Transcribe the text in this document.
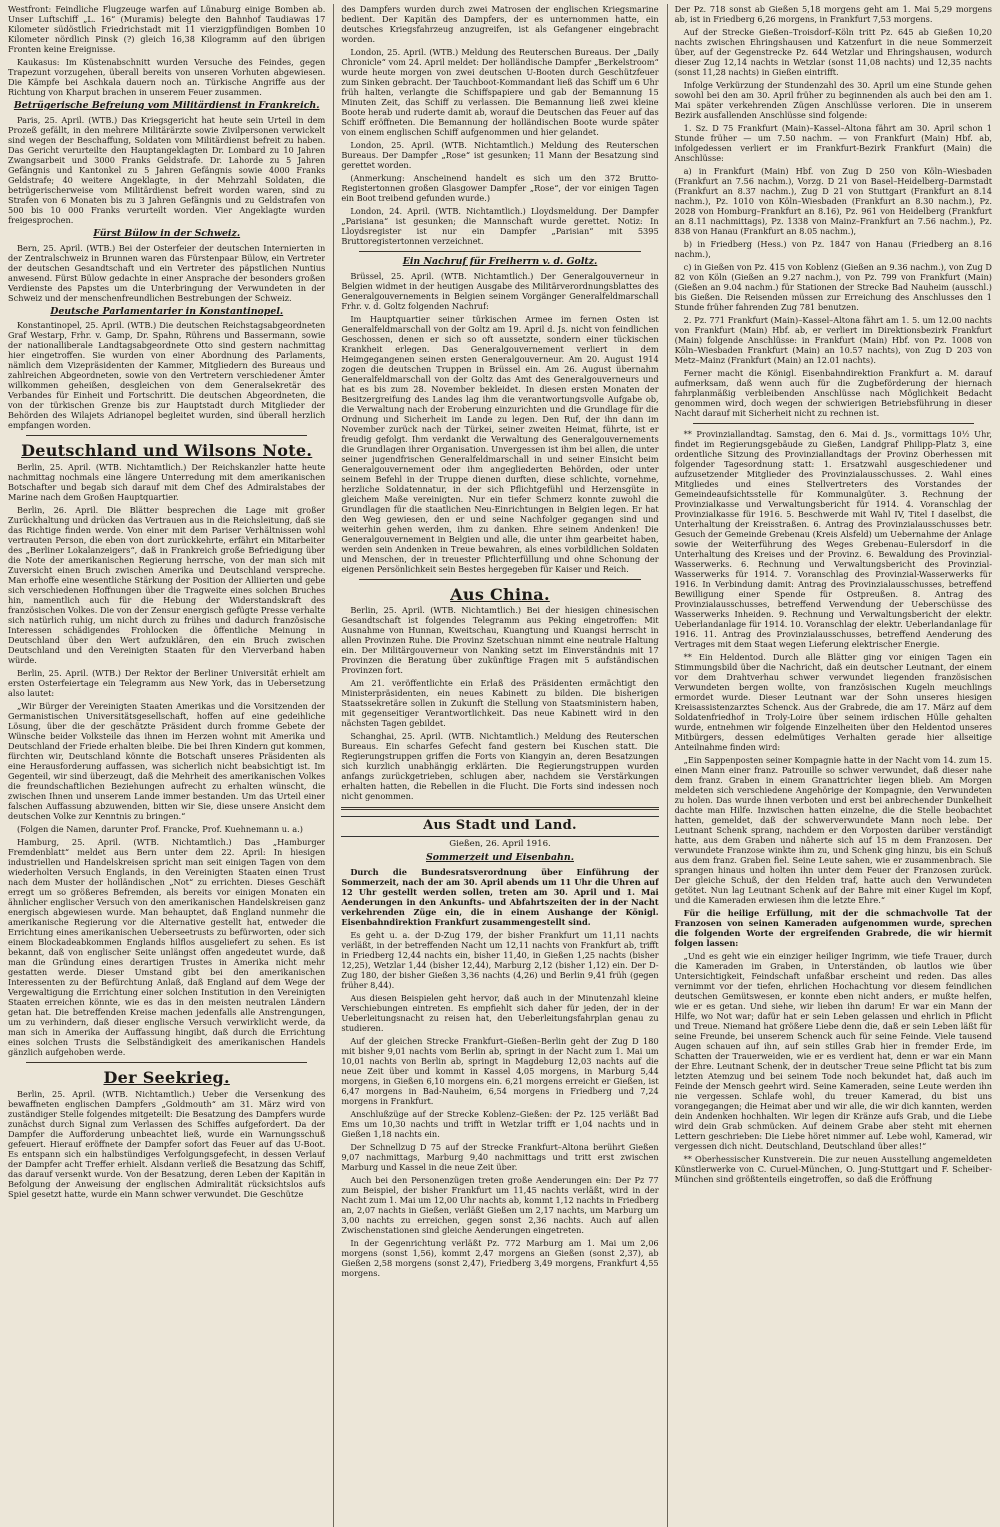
Westfront: Feindliche Flugzeuge warfen auf Lünaburg einige Bomben ab. Unser Luftschiff „L. 16“ (Muramis) belegte den Bahnhof Taudiawas 17 Kilometer südöstlich Friedrichstadt mit 11 vierzigpfündigen Bomben 10 Kilometer nördlich Pinsk (?) gleich 16,38 Kilogramm auf den übrigen Fronten keine Ereignisse.

Kaukasus: Im Küstenabschnitt wurden Versuche des Feindes, gegen Trapezunt vorzugehen, überall bereits von unseren Vorhuten abgewiesen. Die Kämpfe bei Aschkala dauern noch an. Türkische Angriffe aus der Richtung von Kharput brachen in unserem Feuer zusammen.

Betrügerische Befreiung vom Militärdienst in Frankreich.

Paris, 25. April. (WTB.) Das Kriegsgericht hat heute sein Urteil in dem Prozeß gefällt, in den mehrere Militärärzte sowie Zivilpersonen verwickelt sind wegen der Beschaffung, Soldaten vom Militärdienst befreit zu haben. Das Gericht verurteilte den Hauptangeklagten Dr. Lombard zu 10 Jahren Zwangsarbeit und 3000 Franks Geldstrafe. Dr. Lahorde zu 5 Jahren Gefängnis und Kantonkel zu 5 Jahren Gefängnis sowie 4000 Franks Geldstrafe; 40 weitere Angeklagte, in der Mehrzahl Soldaten, die betrügerischerweise vom Militärdienst befreit worden waren, sind zu Strafen von 6 Monaten bis zu 3 Jahren Gefängnis und zu Geldstrafen von 500 bis 10 000 Franks verurteilt worden. Vier Angeklagte wurden freigesprochen.

Fürst Bülow in der Schweiz.

Bern, 25. April. (WTB.) Bei der Osterfeier der deutschen Internierten in der Zentralschweiz in Brunnen waren das Fürstenpaar Bülow, ein Vertreter der deutschen Gesandtschaft und ein Vertreter des päpstlichen Nuntius anwesend. Fürst Bülow gedachte in einer Ansprache der besonders großen Verdienste des Papstes um die Unterbringung der Verwundeten in der Schweiz und der menschenfreundlichen Bestrebungen der Schweiz.

Deutsche Parlamentarier in Konstantinopel.

Konstantinopel, 25. April. (WTB.) Die deutschen Reichstagsabgeordneten Graf Westarp, Frhr. v. Gamp, Dr. Spahn, Rührens und Bassermann, sowie der nationalliberale Landtagsabgeordnete Otto sind gestern nachmittag hier eingetroffen. Sie wurden von einer Abordnung des Parlaments, nämlich dem Vizepräsidenten der Kammer, Mitgliedern des Bureaus und zahlreichen Abgeordneten, sowie von den Vertretern verschiedener Ämter willkommen geheißen, desgleichen von dem Generalsekretär des Verbandes für Einheit und Fortschritt. Die deutschen Abgeordneten, die von der türkischen Grenze bis zur Hauptstadt durch Mitglieder der Behörden des Wilajets Adrianopel begleitet wurden, sind überall herzlich empfangen worden.

Deutschland und Wilsons Note.

Berlin, 25. April. (WTB. Nichtamtlich.) Der Reichskanzler hatte heute nachmittag nochmals eine längere Unterredung mit dem amerikanischen Botschafter und begab sich darauf mit dem Chef des Admiralstabes der Marine nach dem Großen Hauptquartier.

Berlin, 26. April. Die Blätter besprechen die Lage mit großer Zurückhaltung und drücken das Vertrauen aus in die Reichsleitung, daß sie das Richtige finden werde. Von einer mit dem Pariser Verhältnissen wohl vertrauten Person, die eben von dort zurückkehrte, erfährt ein Mitarbeiter des „Berliner Lokalanzeigers“, daß in Frankreich große Befriedigung über die Note der amerikanischen Regierung herrsche, von der man sich mit Zuversicht einen Bruch zwischen Amerika und Deutschland verspreche. Man erhoffe eine wesentliche Stärkung der Position der Alliierten und gebe sich verschiedenen Hoffnungen über die Tragweite eines solchen Bruches hin, namentlich auch für die Hebung der Widerstandskraft des französischen Volkes. Die von der Zensur energisch gefügte Presse verhalte sich natürlich ruhig, um nicht durch zu frühes und dadurch französische Interessen schädigendes Frohlocken die öffentliche Meinung in Deutschland über den Wert aufzuklären, den ein Bruch zwischen Deutschland und den Vereinigten Staaten für den Vierverband haben würde.

Berlin, 25. April. (WTB.) Der Rektor der Berliner Universität erhielt am ersten Osterfeiertage ein Telegramm aus New York, das in Uebersetzung also lautet:

„Wir Bürger der Vereinigten Staaten Amerikas und die Vorsitzenden der Germanistischen Universitätsgesellschaft, hoffen auf eine gedeihliche Lösung, über die der geschätzte Präsident durch fromme Gebete der Wünsche beider Volksteile das ihnen im Herzen wohnt mit Amerika und Deutschland der Friede erhalten bleibe. Die bei Ihren Kindern gut kommen, fürchten wir, Deutschland könnte die Botschaft unseres Präsidenten als eine Herausforderung auffassen, was sicherlich nicht beabsichtigt ist. Im Gegenteil, wir sind überzeugt, daß die Mehrheit des amerikanischen Volkes die freundschaftlichen Beziehungen aufrecht zu erhalten wünscht, die zwischen Ihnen und unserem Lande immer bestanden. Um das Urteil einer falschen Auffassung abzuwenden, bitten wir Sie, diese unsere Ansicht dem deutschen Volke zur Kenntnis zu bringen.“

(Folgen die Namen, darunter Prof. Francke, Prof. Kuehnemann u. a.)

Hamburg, 25. April. (WTB. Nichtamtlich.) Das „Hamburger Fremdenblatt“ meldet aus Bern unter dem 22. April: In hiesigen industriellen und Handelskreisen spricht man seit einigen Tagen von dem wiederholten Versuch Englands, in den Vereinigten Staaten einen Trust nach dem Muster der holländischen „Not“ zu errichten. Dieses Geschäft erregt um so größeres Befremden, als bereits vor einigen Monaten ein ähnlicher englischer Versuch von den amerikanischen Handelskreisen ganz energisch abgewiesen wurde. Man behauptet, daß England nunmehr die amerikanische Regierung vor die Alternative gestellt hat, entweder die Errichtung eines amerikanischen Ueberseetrusts zu befürworten, oder sich einem Blockadeabkommen Englands hilflos ausgeliefert zu sehen. Es ist bekannt, daß von englischer Seite unlängst offen angedeutet wurde, daß man die Gründung eines derartigen Trustes in Amerika nicht mehr gestatten werde. Dieser Umstand gibt bei den amerikanischen Interessenten zu der Befürchtung Anlaß, daß England auf dem Wege der Vergewaltigung die Errichtung einer solchen Institution in den Vereinigten Staaten erreichen könnte, wie es das in den meisten neutralen Ländern getan hat. Die betreffenden Kreise machen jedenfalls alle Anstrengungen, um zu verhindern, daß dieser englische Versuch verwirklicht werde, da man sich in Amerika der Auffassung hingibt, daß durch die Errichtung eines solchen Trusts die Selbständigkeit des amerikanischen Handels gänzlich aufgehoben werde.

Der Seekrieg.

Berlin, 25. April. (WTB. Nichtamtlich.) Ueber die Versenkung des bewaffneten englischen Dampfers „Goldmouth“ am 31. März wird von zuständiger Stelle folgendes mitgeteilt: Die Besatzung des Dampfers wurde zunächst durch Signal zum Verlassen des Schiffes aufgefordert. Da der Dampfer die Aufforderung unbeachtet ließ, wurde ein Warnungsschuß gefeuert. Hierauf eröffnete der Dampfer sofort das Feuer auf das U-Boot. Es entspann sich ein halbstündiges Verfolgungsgefecht, in dessen Verlauf der Dampfer acht Treffer erhielt. Alsdann verließ die Besatzung das Schiff, das darauf versenkt wurde. Von der Besatzung, deren Leben der Kapitän in Befolgung der Anweisung der englischen Admiralität rücksichtslos aufs Spiel gesetzt hatte, wurde ein Mann schwer verwundet. Die Geschütze

des Dampfers wurden durch zwei Matrosen der englischen Kriegsmarine bedient. Der Kapitän des Dampfers, der es unternommen hatte, ein deutsches Kriegsfahrzeug anzugreifen, ist als Gefangener eingebracht worden.

London, 25. April. (WTB.) Meldung des Reuterschen Bureaus. Der „Daily Chronicle“ vom 24. April meldet: Der holländische Dampfer „Berkelstroom“ wurde heute morgen von zwei deutschen U-Booten durch Geschützfeuer zum Sinken gebracht. Der Tauchboot-Kommandant ließ das Schiff um 6 Uhr früh halten, verlangte die Schiffspapiere und gab der Bemannung 15 Minuten Zeit, das Schiff zu verlassen. Die Bemannung ließ zwei kleine Boote herab und ruderte damit ab, worauf die Deutschen das Feuer auf das Schiff eröffneten. Die Bemannung der holländischen Boote wurde später von einem englischen Schiff aufgenommen und hier gelandet.

London, 25. April. (WTB. Nichtamtlich.) Meldung des Reuterschen Bureaus. Der Dampfer „Rose“ ist gesunken; 11 Mann der Besatzung sind gerettet worden.

(Anmerkung: Anscheinend handelt es sich um den 372 Brutto-Registertonnen großen Glasgower Dampfer „Rose“, der vor einigen Tagen ein Boot treibend gefunden wurde.)

London, 24. April. (WTB. Nichtamtlich.) Lloydsmeldung. Der Dampfer „Parisiana“ ist gesunken; die Mannschaft wurde gerettet. Notiz: In Lloydsregister ist nur ein Dampfer „Parisian“ mit 5395 Bruttoregistertonnen verzeichnet.

Ein Nachruf für Freiherrn v. d. Goltz.

Brüssel, 25. April. (WTB. Nichtamtlich.) Der Generalgouverneur in Belgien widmet in der heutigen Ausgabe des Militärverordnungsblattes des Generalgouvernements in Belgien seinem Vorgänger Generalfeldmarschall Frhr. v. d. Goltz folgenden Nachruf:

Im Hauptquartier seiner türkischen Armee im fernen Osten ist Generalfeldmarschall von der Goltz am 19. April d. Js. nicht von feindlichen Geschossen, denen er sich so oft aussetzte, sondern einer tückischen Krankheit erlegen. Das Generalgouvernement verliert in dem Heimgegangenen seinen ersten Generalgouverneur. Am 20. August 1914 zogen die deutschen Truppen in Brüssel ein. Am 26. August übernahm Generalfeldmarschall von der Goltz das Amt des Generalgouverneurs und hat es bis zum 28. November bekleidet. In diesen ersten Monaten der Besitzergreifung des Landes lag ihm die verantwortungsvolle Aufgabe ob, die Verwaltung nach der Eroberung einzurichten und die Grundlage für die Ordnung und Sicherheit im Lande zu legen. Den Ruf, der ihn dann im November zurück nach der Türkei, seiner zweiten Heimat, führte, ist er freudig gefolgt. Ihm verdankt die Verwaltung des Generalgouvernements die Grundlagen ihrer Organisation. Unvergessen ist ihm bei allen, die unter seiner jugendfrischen Generalfeldmarschall in und seiner Einsicht beim Generalgouvernement oder ihm angegliederten Behörden, oder unter seinem Befehl in der Truppe dienen durften, diese schlichte, vornehme, herzliche Soldatennatur, in der sich Pflichtgefühl und Herzensgüte in gleichem Maße vereinigten. Nur ein tiefer Schmerz konnte zuwohl die Grundlagen für die staatlichen Neu-Einrichtungen in Belgien legen. Er hat den Weg gewiesen, den er und seine Nachfolger gegangen sind und weiterhin gehen werden, ihm zu danken. Ehre seinem Andenken! Die Generalgouvernement in Belgien und alle, die unter ihm gearbeitet haben, werden sein Andenken in Treue bewahren, als eines vorbildlichen Soldaten und Menschen, der in treuester Pflichterfüllung und ohne Schonung der eigenen Persönlichkeit sein Bestes hergegeben für Kaiser und Reich.

Aus China.

Berlin, 25. April. (WTB. Nichtamtlich.) Bei der hiesigen chinesischen Gesandtschaft ist folgendes Telegramm aus Peking eingetroffen: Mit Ausnahme von Hunnan, Kweitschau, Kuangtung und Kuangsi herrscht in allen Provinzen Ruhe. Die Provinz Szetschuan nimmt eine neutrale Haltung ein. Der Militärgouverneur von Nanking setzt im Einverständnis mit 17 Provinzen die Beratung über zukünftige Fragen mit 5 aufständischen Provinzen fort.

Am 21. veröffentlichte ein Erlaß des Präsidenten ermächtigt den Ministerpräsidenten, ein neues Kabinett zu bilden. Die bisherigen Staatssekretäre sollen in Zukunft die Stellung von Staatsministern haben, mit gegenseitiger Verantwortlichkeit. Das neue Kabinett wird in den nächsten Tagen gebildet.

Schanghai, 25. April. (WTB. Nichtamtlich.) Meldung des Reuterschen Bureaus. Ein scharfes Gefecht fand gestern bei Kuschen statt. Die Regierungstruppen griffen die Forts von Kiangyin an, deren Besatzungen sich kurzlich unabhängig erklärten. Die Regierungstruppen wurden anfangs zurückgetrieben, schlugen aber, nachdem sie Verstärkungen erhalten hatten, die Rebellen in die Flucht. Die Forts sind indessen noch nicht genommen.

Aus Stadt und Land.
Gießen, 26. April 1916.
Sommerzeit und Eisenbahn.

Durch die Bundesratsverordnung über Einführung der Sommerzeit, nach der am 30. April abends um 11 Uhr die Uhren auf 12 Uhr gestellt werden sollen, treten am 30. April und 1. Mai Aenderungen in den Ankunfts- und Abfahrtszeiten der in der Nacht verkehrenden Züge ein, die in einem Aushange der Königl. Eisenbahndirektion Frankfurt zusammengestellt sind.

Es geht u. a. der D-Zug 179, der bisher Frankfurt um 11,11 nachts verläßt, in der betreffenden Nacht um 12,11 nachts von Frankfurt ab, trifft in Friedberg 12,44 nachts ein, bisher 11,40, in Gießen 1,25 nachts (bisher 12,25), Wetzlar 1,44 (bisher 12,44), Marburg 2,12 (bisher 1,12) ein. Der D-Zug 180, der bisher Gießen 3,36 nachts (4,26) und Berlin 9,41 früh (gegen früher 8,44).

Aus diesen Beispielen geht hervor, daß auch in der Minutenzahl kleine Verschiebungen eintreten. Es empfiehlt sich daher für jeden, der in der Ueberleitungsnacht zu reisen hat, den Ueberleitungsfahrplan genau zu studieren.

Auf der gleichen Strecke Frankfurt–Gießen–Berlin geht der Zug D 180 mit bisher 9,01 nachts vom Berlin ab, springt in der Nacht zum 1. Mai um 10,01 nachts von Berlin ab, springt in Magdeburg 12,03 nachts auf die neue Zeit über und kommt in Kassel 4,05 morgens, in Marburg 5,44 morgens, in Gießen 6,10 morgens ein. 6,21 morgens erreicht er Gießen, ist 6,47 morgens in Bad-Nauheim, 6,54 morgens in Friedberg und 7,24 morgens in Frankfurt.

Anschlußzüge auf der Strecke Koblenz–Gießen: der Pz. 125 verläßt Bad Ems um 10,30 nachts und trifft in Wetzlar trifft er 1,04 nachts und in Gießen 1,18 nachts ein.

Der Schnellzug D 75 auf der Strecke Frankfurt–Altona berührt Gießen 9,07 nachmittags, Marburg 9,40 nachmittags und tritt erst zwischen Marburg und Kassel in die neue Zeit über.

Auch bei den Personenzügen treten große Aenderungen ein: Der Pz 77 zum Beispiel, der bisher Frankfurt um 11,45 nachts verläßt, wird in der Nacht zum 1. Mai um 12,00 Uhr nachts ab, kommt 1,12 nachts in Friedberg an, 2,07 nachts in Gießen, verläßt Gießen um 2,17 nachts, um Marburg um 3,00 nachts zu erreichen, gegen sonst 2,36 nachts. Auch auf allen Zwischenstationen sind gleiche Aenderungen eingetreten.

In der Gegenrichtung verläßt Pz. 772 Marburg am 1. Mai um 2,06 morgens (sonst 1,56), kommt 2,47 morgens an Gießen (sonst 2,37), ab Gießen 2,58 morgens (sonst 2,47), Friedberg 3,49 morgens, Frankfurt 4,55 morgens.

Der Pz. 718 sonst ab Gießen 5,18 morgens geht am 1. Mai 5,29 morgens ab, ist in Friedberg 6,26 morgens, in Frankfurt 7,53 morgens.

Auf der Strecke Gießen–Troisdorf–Köln tritt Pz. 645 ab Gießen 10,20 nachts zwischen Ehringshausen und Katzenfurt in die neue Sommerzeit über, auf der Gegenstrecke Pz. 644 Wetzlar und Ehringshausen, wodurch dieser Zug 12,14 nachts in Wetzlar (sonst 11,08 nachts) und 12,35 nachts (sonst 11,28 nachts) in Gießen eintrifft.

Infolge Verkürzung der Stundenzahl des 30. April um eine Stunde gehen sowohl bei den am 30. April früher zu beginnenden als auch bei den am 1. Mai später verkehrenden Zügen Anschlüsse verloren. Die in unserem Bezirk ausfallenden Anschlüsse sind folgende:

1. Sz. D 75 Frankfurt (Main)–Kassel–Altona fährt am 30. April schon 1 Stunde früher — um 7.50 nachm. — von Frankfurt (Main) Hbf. ab, infolgedessen verliert er im Frankfurt-Bezirk Frankfurt (Main) die Anschlüsse:

a) in Frankfurt (Main) Hbf. von Zug D 250 von Köln–Wiesbaden (Frankfurt an 7.56 nachm.), Vorzg. D 21 von Basel–Heidelberg–Darmstadt (Frankfurt an 8.37 nachm.), Zug D 21 von Stuttgart (Frankfurt an 8.14 nachm.), Pz. 1010 von Köln–Wiesbaden (Frankfurt an 8.30 nachm.), Pz. 2028 von Homburg–Frankfurt an 8.16), Pz. 961 von Heidelberg (Frankfurt an 8.11 nachmittags), Pz. 1338 von Mainz–Frankfurt an 7.56 nachm.), Pz. 838 von Hanau (Frankfurt an 8.05 nachm.),

b) in Friedberg (Hess.) von Pz. 1847 von Hanau (Friedberg an 8.16 nachm.),

c) in Gießen von Pz. 415 von Koblenz (Gießen an 9.36 nachm.), von Zug D 82 von Köln (Gießen an 9.27 nachm.), von Pz. 799 von Frankfurt (Main) (Gießen an 9.04 nachm.) für Stationen der Strecke Bad Nauheim (ausschl.) bis Gießen. Die Reisenden müssen zur Erreichung des Anschlusses den 1 Stunde früher fahrenden Zug 781 benutzen.

2. Pz. 771 Frankfurt (Main)–Kassel–Altona fährt am 1. 5. um 12.00 nachts von Frankfurt (Main) Hbf. ab, er verliert im Direktionsbezirk Frankfurt (Main) folgende Anschlüsse: in Frankfurt (Main) Hbf. von Pz. 1008 von Köln–Wiesbaden Frankfurt (Main) an 10.57 nachts), von Zug D 203 von Metz–Mainz (Frankfurt (Main) an 12.01 nachts).

Ferner macht die Königl. Eisenbahndirektion Frankfurt a. M. darauf aufmerksam, daß wenn auch für die Zugbeförderung der hiernach fahrplanmäßig verbleibenden Anschlüsse nach Möglichkeit Bedacht genommen wird, doch wegen der schwierigen Betriebsführung in dieser Nacht darauf mit Sicherheit nicht zu rechnen ist.

** Provinziallandtag. Samstag, den 6. Mai d. Js., vormittags 10½ Uhr, findet im Regierungsgebäude zu Gießen, Landgraf Philipp-Platz 3, eine ordentliche Sitzung des Provinziallandtags der Provinz Oberhessen mit folgender Tagesordnung statt: 1. Ersatzwahl ausgeschiedener und aufzusetzender Mitglieder des Provinzialausschusses. 2. Wahl eines Mitgliedes und eines Stellvertreters des Vorstandes der Gemeindeaufsichtsstelle für Kommunalgüter. 3. Rechnung der Provinzialkasse und Verwaltungsbericht für 1914. 4. Voranschlag der Provinzialkasse für 1916. 5. Beschwerde mit Wahl IV, Titel I daselbst, die Unterhaltung der Kreisstraßen. 6. Antrag des Provinzialausschusses betr. Gesuch der Gemeinde Grebenau (Kreis Alsfeld) um Uebernahme der Anlage sowie der Weiterführung des Weges Grebenau–Eulersdorf in die Unterhaltung des Kreises und der Provinz. 6. Bewaldung des Provinzial-Wasserwerks. 6. Rechnung und Verwaltungsbericht des Provinzial-Wasserwerks für 1914. 7. Voranschlag des Provinzial-Wasserwerks für 1916. In Verbindung damit: Antrag des Provinzialausschusses, betreffend Bewilligung einer Spende für Ostpreußen. 8. Antrag des Provinzialausschusses, betreffend Verwendung der Ueberschüsse des Wasserwerks Inheiden. 9. Rechnung und Verwaltungsbericht der elektr. Ueberlandanlage für 1914. 10. Voranschlag der elektr. Ueberlandanlage für 1916. 11. Antrag des Provinzialausschusses, betreffend Aenderung des Vertrages mit dem Staat wegen Lieferung elektrischer Energie.

** Ein Heldentod. Durch alle Blätter ging vor einigen Tagen ein Stimmungsbild über die Nachricht, daß ein deutscher Leutnant, der einem vor dem Drahtverhau schwer verwundet liegenden französischen Verwundeten bergen wollte, von französischen Kugeln meuchlings ermordet wurde. Dieser Leutnant war der Sohn unseres hiesigen Kreisassistenzarztes Schenck. Aus der Grabrede, die am 17. März auf dem Soldatenfriedhof in Troly-Loire über seinem irdischen Hülle gehalten wurde, entnehmen wir folgende Einzelheiten über den Heldentod unseres Mitbürgers, dessen edelmütiges Verhalten gerade hier allseitige Anteilnahme finden wird:

„Ein Sappenposten seiner Kompagnie hatte in der Nacht vom 14. zum 15. einen Mann einer franz. Patrouille so schwer verwundet, daß dieser nahe dem franz. Graben in einem Granattrichter liegen blieb. Am Morgen meldeten sich verschiedene Angehörige der Kompagnie, den Verwundeten zu holen. Das wurde ihnen verboten und erst bei anbrechender Dunkelheit dachte man Hilfe. Inzwischen hatten einzelne, die die Stelle beobachtet hatten, gemeldet, daß der schwerverwundete Mann noch lebe. Der Leutnant Schenk sprang, nachdem er den Vorposten darüber verständigt hatte, aus dem Graben und näherte sich auf 15 m dem Franzosen. Der verwundete Franzose winkte ihm zu, und Schenk ging hinzu, bis ein Schuß aus dem franz. Graben fiel. Seine Leute sahen, wie er zusammenbrach. Sie sprangen hinaus und holten ihn unter dem Feuer der Franzosen zurück. Der gleiche Schuß, der den Helden traf, hatte auch den Verwundeten getötet. Nun lag Leutnant Schenk auf der Bahre mit einer Kugel im Kopf, und die Kameraden erwiesen ihm die letzte Ehre.“

Für die heilige Erfüllung, mit der die schmachvolle Tat der Franzosen von seinen Kameraden aufgenommen wurde, sprechen die folgenden Worte der ergreifenden Grabrede, die wir hiermit folgen lassen:

„Und es geht wie ein einziger heiliger Ingrimm, wie tiefe Trauer, durch die Kameraden im Graben, in Unterständen, ob lautlos wie über Untersichtigkeit, Feindschaft unfaßbar erscheint und reden. Das alles vernimmt vor der tiefen, ehrlichen Hochachtung vor diesem feindlichen deutschen Gemütswesen, er konnte eben nicht anders, er mußte helfen, wie er es getan. Und siehe, wir lieben ihn darum! Er war ein Mann der Hilfe, wo Not war; dafür hat er sein Leben gelassen und ehrlich in Pflicht und Treue. Niemand hat größere Liebe denn die, daß er sein Leben läßt für seine Freunde, bei unserem Schenck auch für seine Feinde. Viele tausend Augen schauen auf ihn, auf sein stilles Grab hier in fremder Erde, im Schatten der Trauerweiden, wie er es verdient hat, denn er war ein Mann der Ehre. Leutnant Schenk, der in deutscher Treue seine Pflicht tat bis zum letzten Atemzug und bei seinem Tode noch bekundet hat, daß auch im Feinde der Mensch geehrt wird. Seine Kameraden, seine Leute werden ihn nie vergessen. Schlafe wohl, du treuer Kamerad, du bist uns vorangegangen; die Heimat aber und wir alle, die wir dich kannten, werden dein Andenken hochhalten. Wir legen dir Kränze aufs Grab, und die Liebe wird dein Grab schmücken. Auf deinem Grabe aber steht mit ehernen Lettern geschrieben: Die Liebe höret nimmer auf. Lebe wohl, Kamerad, wir vergessen dich nicht. Deutschland, Deutschland über alles!“

** Oberhessischer Kunstverein. Die zur neuen Ausstellung angemeldeten Künstlerwerke von C. Curuel-München, O. Jung-Stuttgart und F. Scheiber-München sind größtenteils eingetroffen, so daß die Eröffnung
